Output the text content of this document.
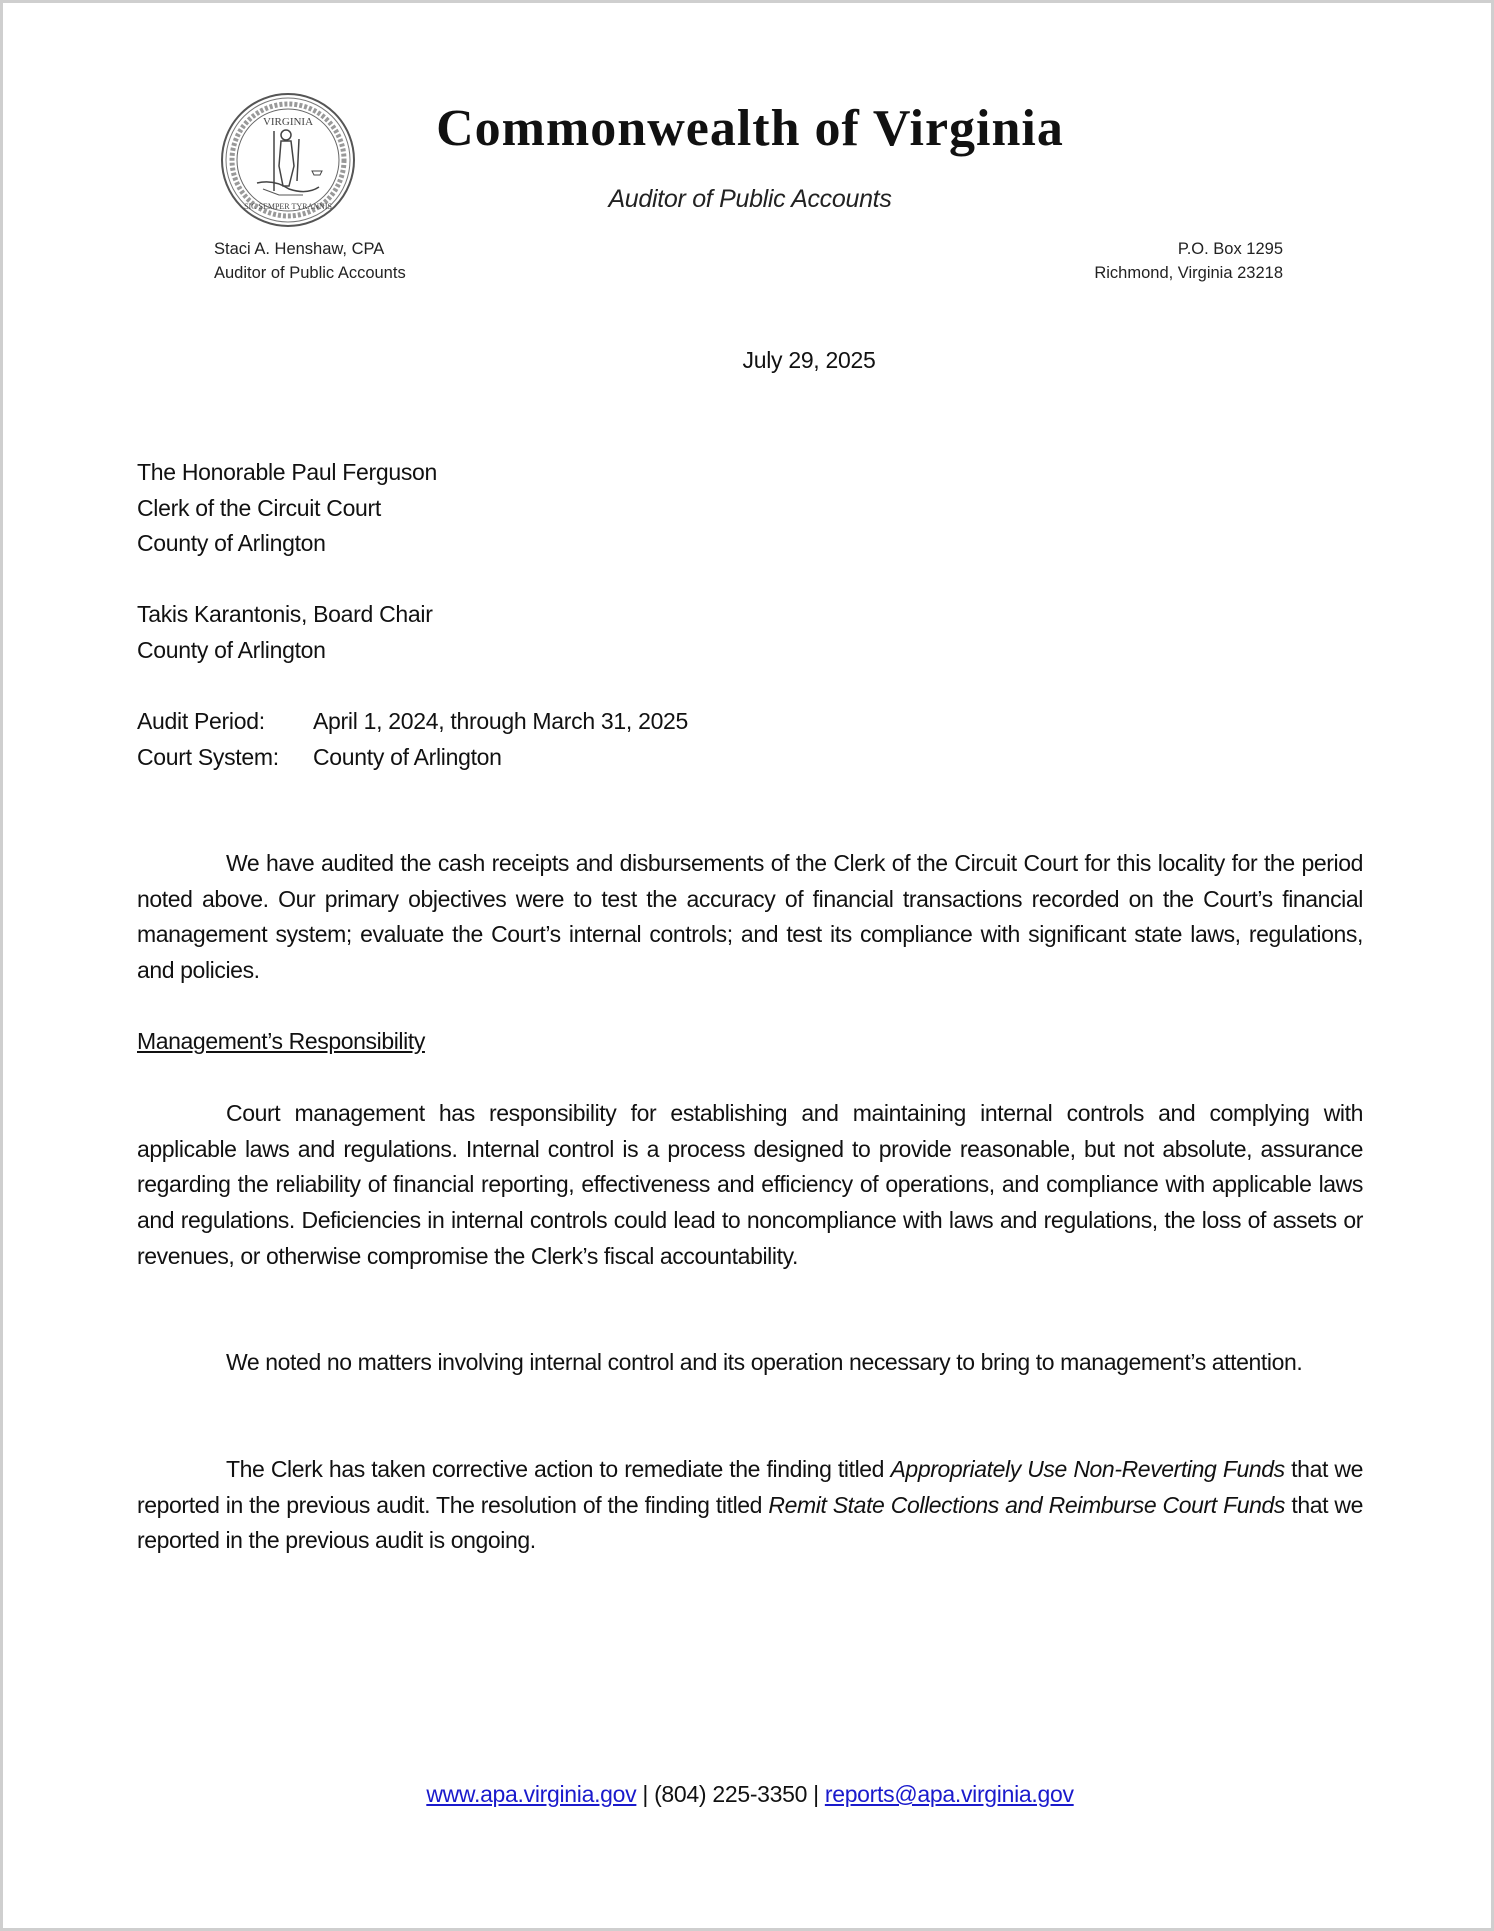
VIRGINIA
SIC SEMPER TYRANNIS
Commonwealth of Virginia
Auditor of Public Accounts
Staci A. Henshaw, CPA
Auditor of Public Accounts
P.O. Box 1295
Richmond, Virginia 23218
July 29, 2025
The Honorable Paul Ferguson
Clerk of the Circuit Court
County of Arlington
Takis Karantonis, Board Chair
County of Arlington
Audit Period: April 1, 2024, through March 31, 2025
Court System: County of Arlington

We have audited the cash receipts and disbursements of the Clerk of the Circuit Court for this locality for the period noted above. Our primary objectives were to test the accuracy of financial transactions recorded on the Court’s financial management system; evaluate the Court’s internal controls; and test its compliance with significant state laws, regulations, and policies.

Management’s Responsibility

Court management has responsibility for establishing and maintaining internal controls and complying with applicable laws and regulations. Internal control is a process designed to provide reasonable, but not absolute, assurance regarding the reliability of financial reporting, effectiveness and efficiency of operations, and compliance with applicable laws and regulations. Deficiencies in internal controls could lead to noncompliance with laws and regulations, the loss of assets or revenues, or otherwise compromise the Clerk’s fiscal accountability.

We noted no matters involving internal control and its operation necessary to bring to management’s attention.

The Clerk has taken corrective action to remediate the finding titled Appropriately Use Non-Reverting Funds that we reported in the previous audit. The resolution of the finding titled Remit State Collections and Reimburse Court Funds that we reported in the previous audit is ongoing.

www.apa.virginia.gov | (804) 225-3350 | reports@apa.virginia.gov
